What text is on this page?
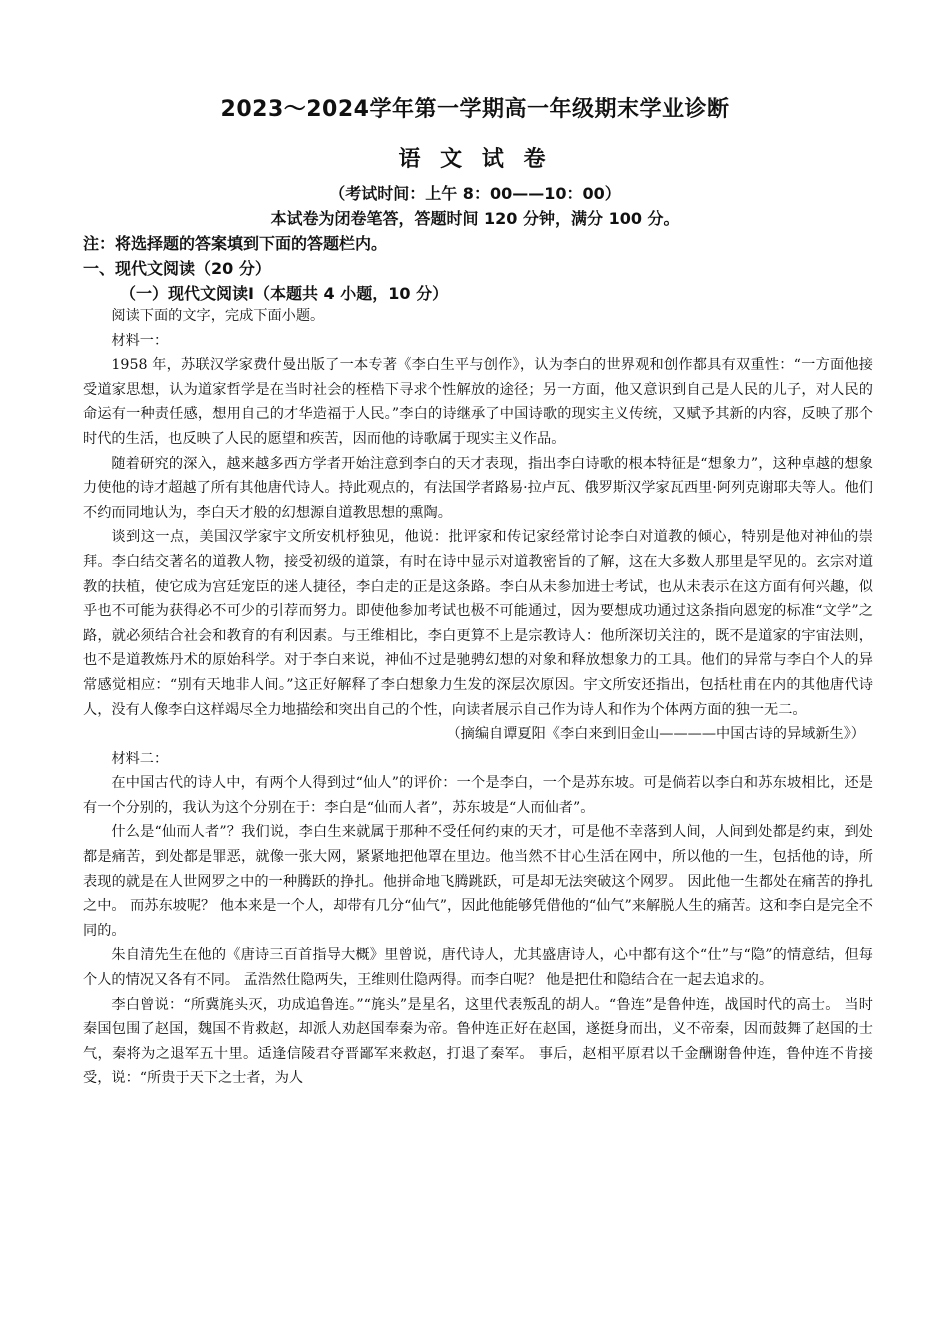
2023～2024学年第一学期高一年级期末学业诊断
语 文 试 卷
（考试时间：上午 8：00——10：00）
本试卷为闭卷笔答，答题时间 120 分钟，满分 100 分。
注：将选择题的答案填到下面的答题栏内。
一、现代文阅读（20 分）
（一）现代文阅读Ⅰ（本题共 4 小题，10 分）

阅读下面的文字，完成下面小题。

材料一：

1958 年，苏联汉学家费什曼出版了一本专著《李白生平与创作》，认为李白的世界观和创作都具有双重性：“一方面他接受道家思想，认为道家哲学是在当时社会的桎梏下寻求个性解放的途径；另一方面，他又意识到自己是人民的儿子，对人民的命运有一种责任感，想用自己的才华造福于人民。”李白的诗继承了中国诗歌的现实主义传统，又赋予其新的内容，反映了那个时代的生活，也反映了人民的愿望和疾苦，因而他的诗歌属于现实主义作品。

随着研究的深入，越来越多西方学者开始注意到李白的天才表现，指出李白诗歌的根本特征是“想象力”，这种卓越的想象力使他的诗才超越了所有其他唐代诗人。持此观点的，有法国学者路易·拉卢瓦、俄罗斯汉学家瓦西里·阿列克谢耶夫等人。他们不约而同地认为，李白天才般的幻想源自道教思想的熏陶。

谈到这一点，美国汉学家宇文所安机杼独见，他说：批评家和传记家经常讨论李白对道教的倾心，特别是他对神仙的崇拜。李白结交著名的道教人物，接受初级的道箓，有时在诗中显示对道教密旨的了解，这在大多数人那里是罕见的。玄宗对道教的扶植，使它成为宫廷宠臣的迷人捷径，李白走的正是这条路。李白从未参加进士考试，也从未表示在这方面有何兴趣，似乎也不可能为获得必不可少的引荐而努力。即使他参加考试也极不可能通过，因为要想成功通过这条指向恩宠的标准“文学”之路，就必须结合社会和教育的有利因素。与王维相比，李白更算不上是宗教诗人：他所深切关注的，既不是道家的宇宙法则，也不是道教炼丹术的原始科学。对于李白来说，神仙不过是驰骋幻想的对象和释放想象力的工具。他们的异常与李白个人的异常感觉相应：“别有天地非人间。”这正好解释了李白想象力生发的深层次原因。宇文所安还指出，包括杜甫在内的其他唐代诗人，没有人像李白这样竭尽全力地描绘和突出自己的个性，向读者展示自己作为诗人和作为个体两方面的独一无二。

（摘编自谭夏阳《李白来到旧金山————中国古诗的异域新生》）

材料二：

在中国古代的诗人中，有两个人得到过“仙人”的评价：一个是李白，一个是苏东坡。可是倘若以李白和苏东坡相比，还是有一个分别的，我认为这个分别在于：李白是“仙而人者”，苏东坡是“人而仙者”。

什么是“仙而人者”？我们说，李白生来就属于那种不受任何约束的天才，可是他不幸落到人间，人间到处都是约束，到处都是痛苦，到处都是罪恶，就像一张大网，紧紧地把他罩在里边。他当然不甘心生活在网中，所以他的一生，包括他的诗，所表现的就是在人世网罗之中的一种腾跃的挣扎。他拼命地飞腾跳跃，可是却无法突破这个网罗。 因此他一生都处在痛苦的挣扎之中。 而苏东坡呢？ 他本来是一个人，却带有几分“仙气”，因此他能够凭借他的“仙气”来解脱人生的痛苦。这和李白是完全不同的。

朱自清先生在他的《唐诗三百首指导大概》里曾说，唐代诗人，尤其盛唐诗人，心中都有这个“仕”与“隐”的情意结，但每个人的情况又各有不同。 孟浩然仕隐两失，王维则仕隐两得。而李白呢？ 他是把仕和隐结合在一起去追求的。

李白曾说：“所冀旄头灭，功成追鲁连。”“旄头”是星名，这里代表叛乱的胡人。“鲁连”是鲁仲连，战国时代的高士。 当时秦国包围了赵国，魏国不肯救赵，却派人劝赵国奉秦为帝。鲁仲连正好在赵国，遂挺身而出，义不帝秦，因而鼓舞了赵国的士气，秦将为之退军五十里。适逢信陵君夺晋鄙军来救赵，打退了秦军。 事后，赵相平原君以千金酬谢鲁仲连，鲁仲连不肯接受，说：“所贵于天下之士者，为人
